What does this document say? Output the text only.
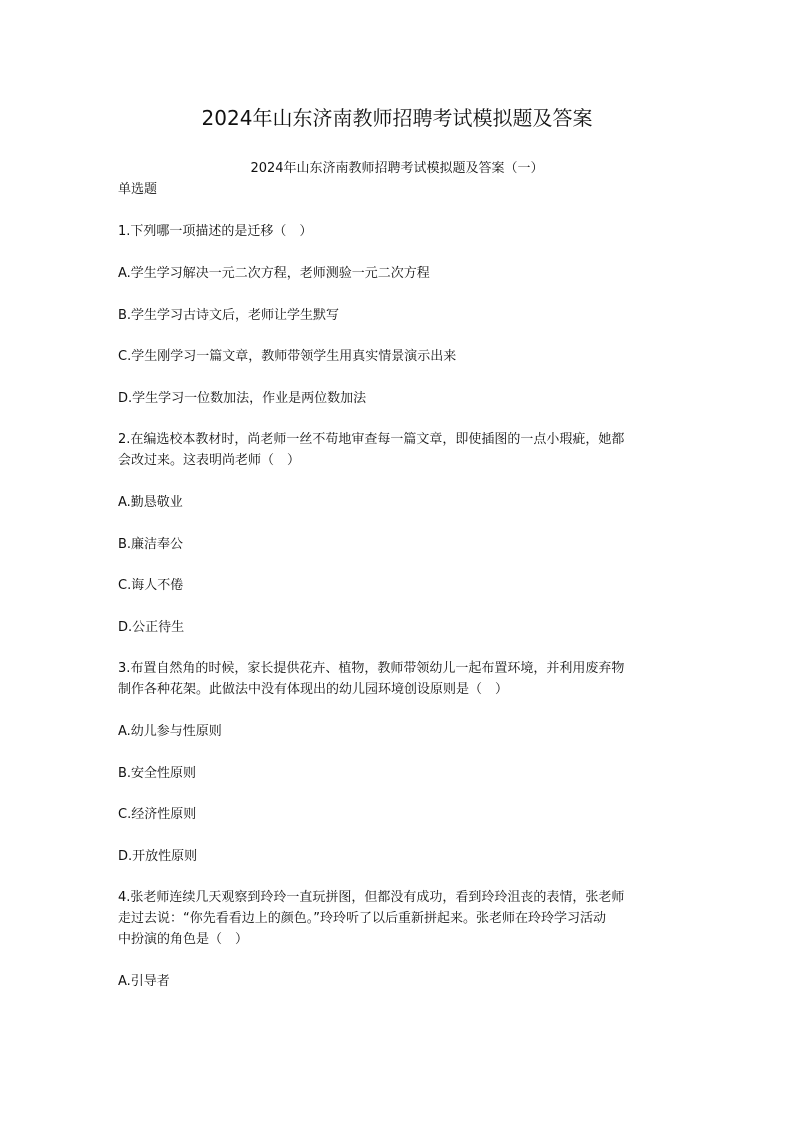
2024年山东济南教师招聘考试模拟题及答案
2024年山东济南教师招聘考试模拟题及答案（一）
单选题
1.下列哪一项描述的是迁移（　）
A.学生学习解决一元二次方程，老师测验一元二次方程
B.学生学习古诗文后，老师让学生默写
C.学生刚学习一篇文章，教师带领学生用真实情景演示出来
D.学生学习一位数加法，作业是两位数加法
2.在编选校本教材时，尚老师一丝不苟地审查每一篇文章，即使插图的一点小瑕疵，她都
会改过来。这表明尚老师（　）
A.勤恳敬业
B.廉洁奉公
C.诲人不倦
D.公正待生
3.布置自然角的时候，家长提供花卉、植物，教师带领幼儿一起布置环境，并利用废弃物
制作各种花架。此做法中没有体现出的幼儿园环境创设原则是（　）
A.幼儿参与性原则
B.安全性原则
C.经济性原则
D.开放性原则
4.张老师连续几天观察到玲玲一直玩拼图，但都没有成功，看到玲玲沮丧的表情，张老师
走过去说：“你先看看边上的颜色。”玲玲听了以后重新拼起来。张老师在玲玲学习活动
中扮演的角色是（　）
A.引导者
